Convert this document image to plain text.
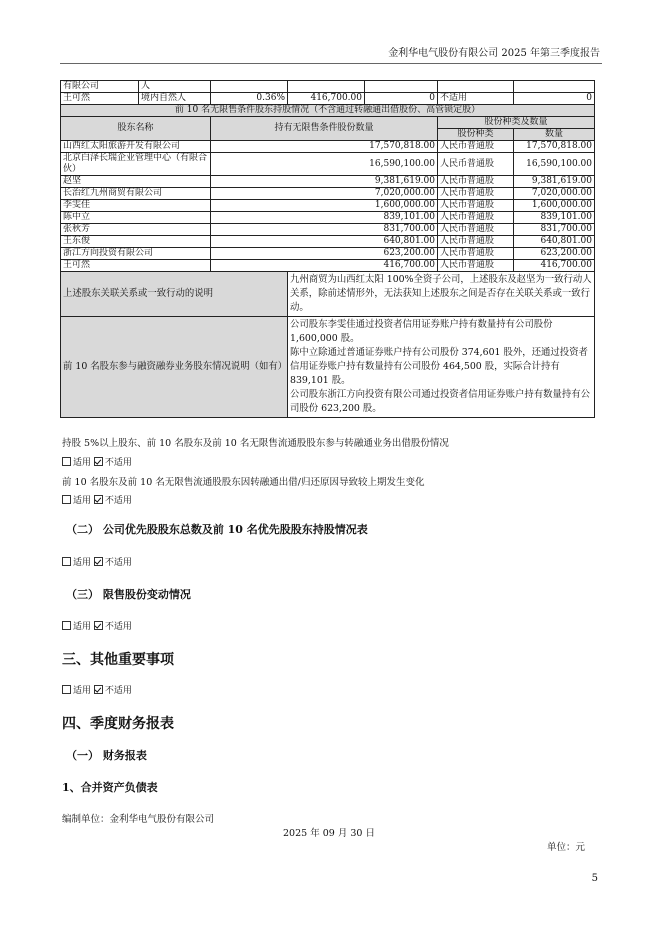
金利华电气股份有限公司 2025 年第三季度报告
有限公司	人					
王可然	境内自然人	0.36%	416,700.00	0	不适用	0
前 10 名无限售条件股东持股情况（不含通过转融通出借股份、高管锁定股）						
股东名称		持有无限售条件股份数量			股份种类及数量	
					股份种类	数量
山西红太阳旅游开发有限公司		17,570,818.00			人民币普通股	17,570,818.00
北京白泽长瑞企业管理中心（有限合伙）		16,590,100.00			人民币普通股	16,590,100.00
赵坚		9,381,619.00			人民币普通股	9,381,619.00
长治红九州商贸有限公司		7,020,000.00			人民币普通股	7,020,000.00
李雯佳		1,600,000.00			人民币普通股	1,600,000.00
陈中立		839,101.00			人民币普通股	839,101.00
张秋芳		831,700.00			人民币普通股	831,700.00
王东俊		640,801.00			人民币普通股	640,801.00
浙江方向投资有限公司		623,200.00			人民币普通股	623,200.00
王可然		416,700.00			人民币普通股	416,700.00
上述股东关联关系或一致行动的说明			九州商贸为山西红太阳 100%全资子公司，上述股东及赵坚为一致行动人关系，除前述情形外，无法获知上述股东之间是否存在关联关系或一致行动。			
前 10 名股东参与融资融券业务股东情况说明（如有）			公司股东李雯佳通过投资者信用证券账户持有数量持有公司股份 1,600,000 股。
陈中立除通过普通证券账户持有公司股份 374,601 股外，还通过投资者信用证券账户持有数量持有公司股份 464,500 股，实际合计持有 839,101 股。
公司股东浙江方向投资有限公司通过投资者信用证券账户持有数量持有公司股份 623,200 股。			
持股 5%以上股东、前 10 名股东及前 10 名无限售流通股股东参与转融通业务出借股份情况
适用 不适用
前 10 名股东及前 10 名无限售流通股股东因转融通出借/归还原因导致较上期发生变化
适用 不适用
（二） 公司优先股股东总数及前 10 名优先股股东持股情况表
适用 不适用
（三） 限售股份变动情况
适用 不适用
三、其他重要事项
适用 不适用
四、季度财务报表
（一） 财务报表
1、合并资产负债表
编制单位：金利华电气股份有限公司
2025 年 09 月 30 日
单位：元
5
